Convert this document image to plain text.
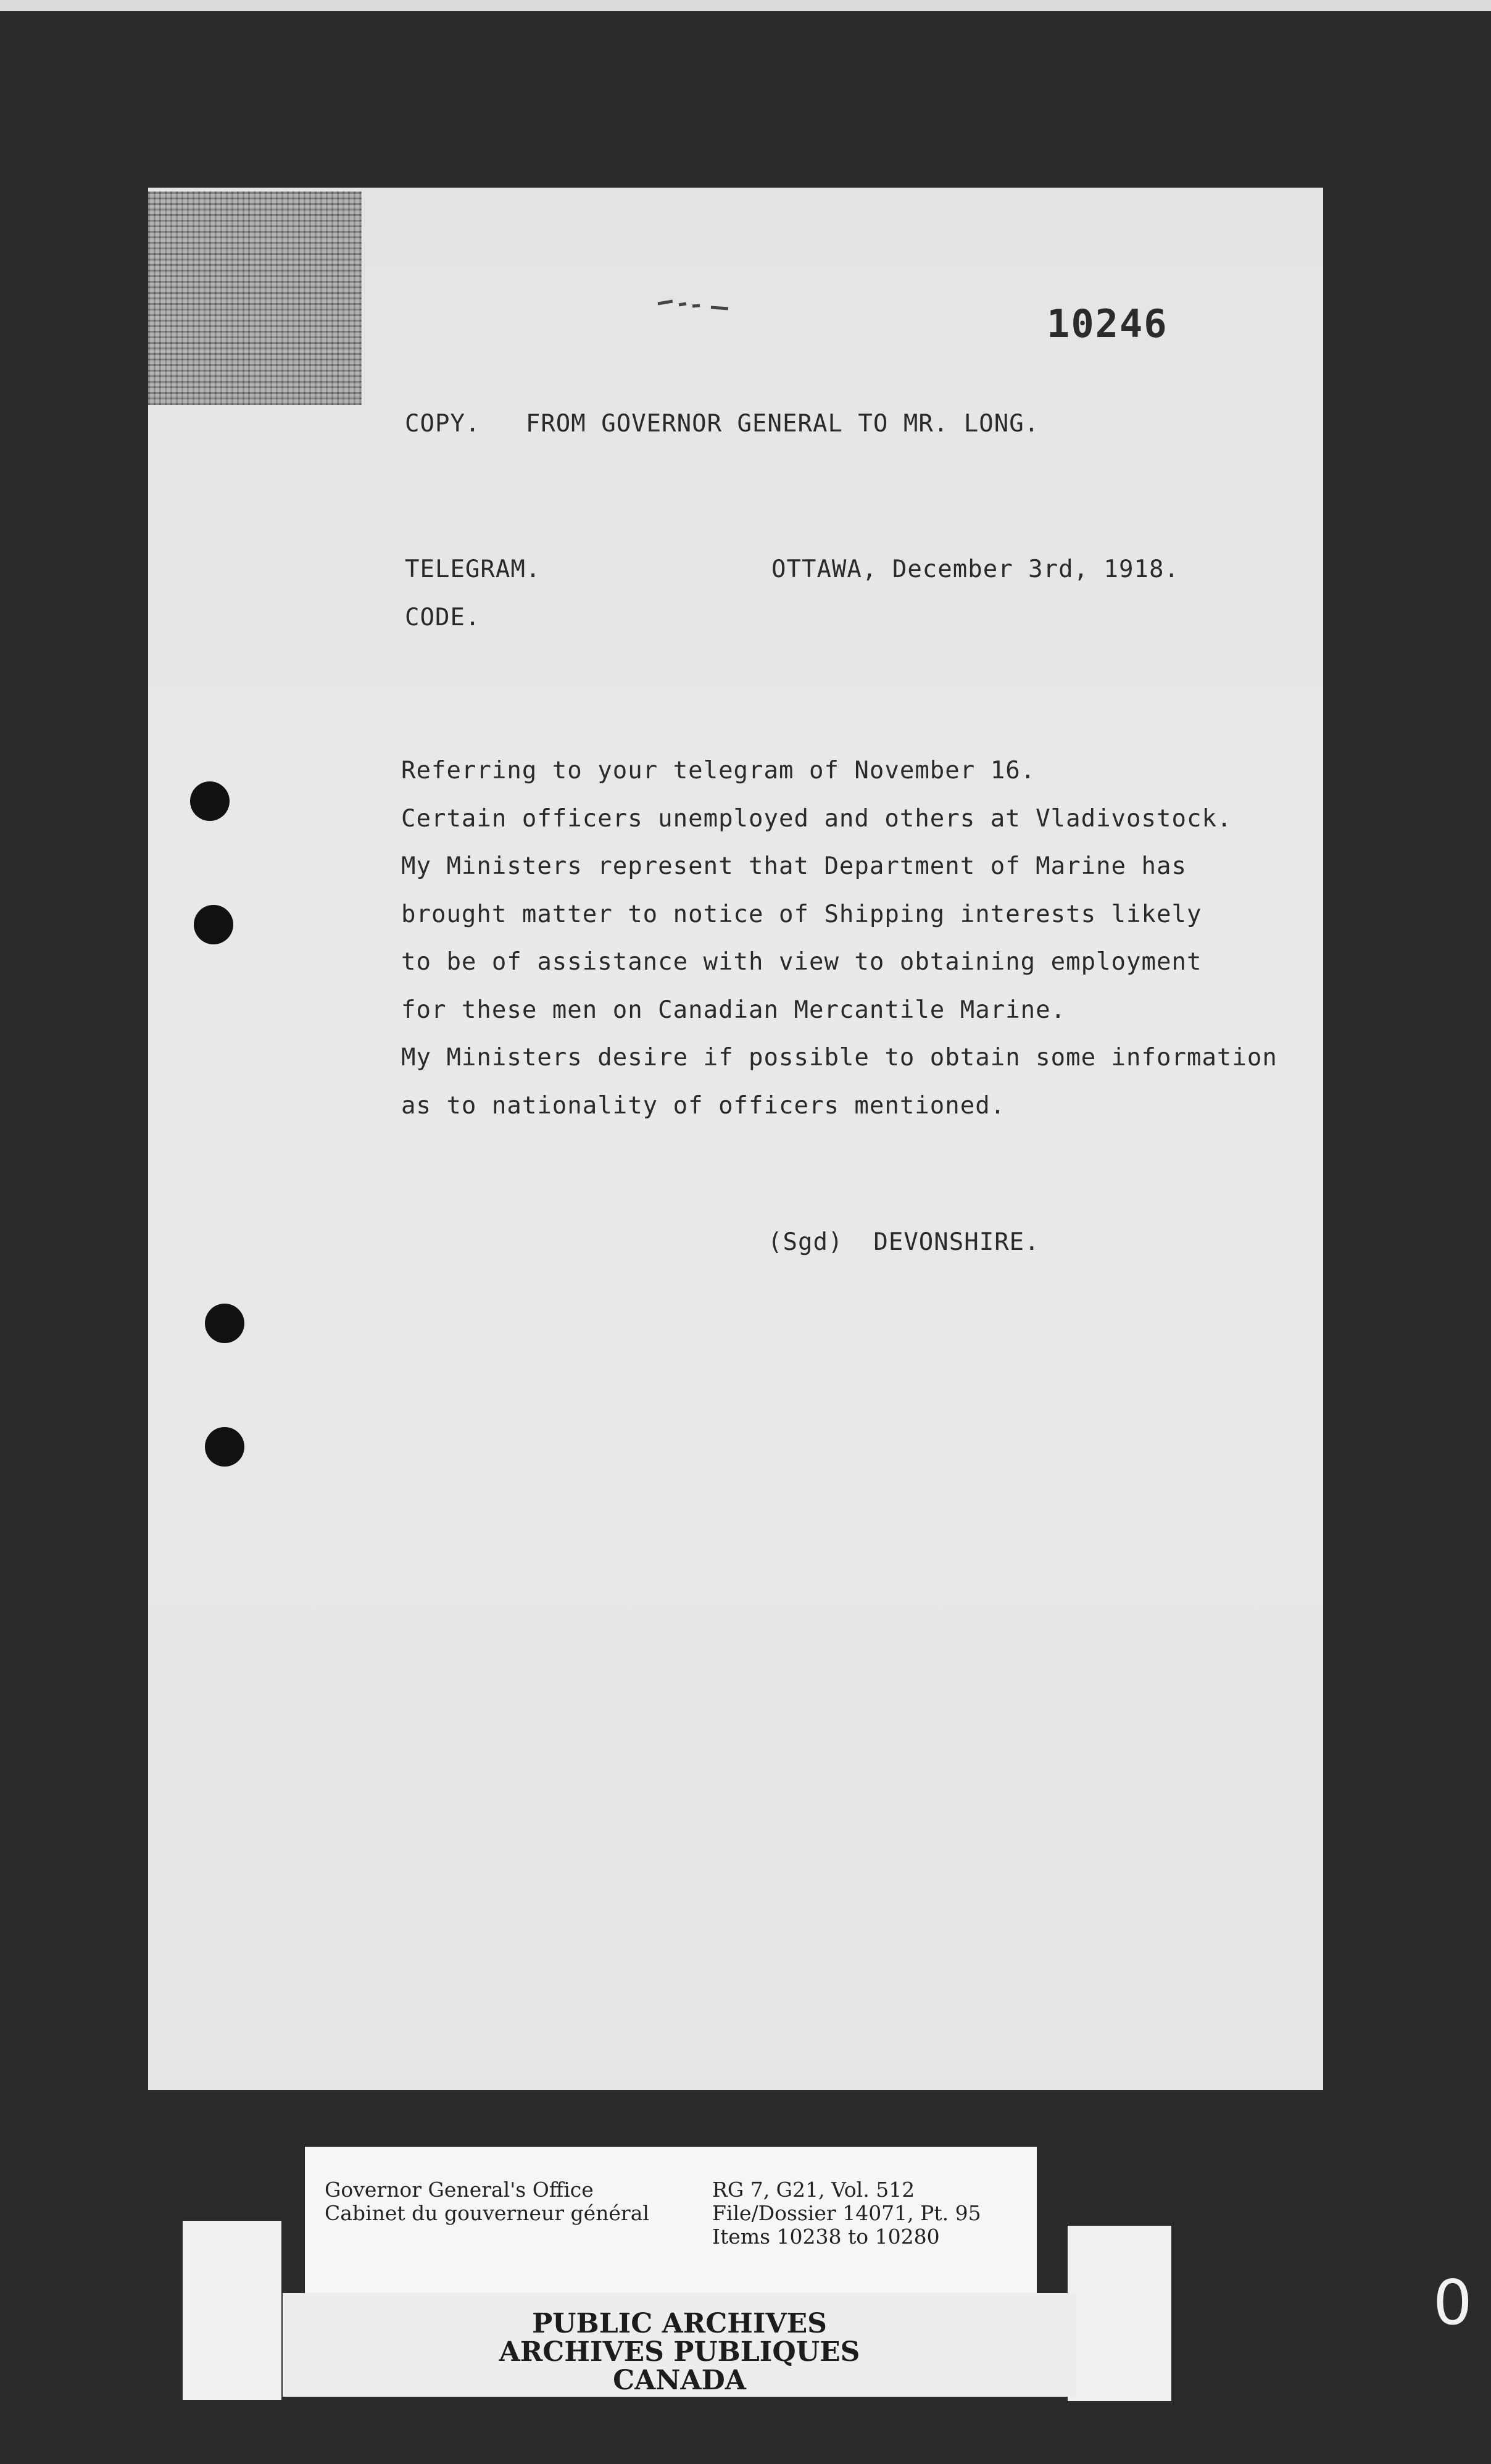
10246
COPY.   FROM GOVERNOR GENERAL TO MR. LONG.
TELEGRAM.	OTTAWA, December 3rd, 1918.
CODE.
Referring to your telegram of November 16.
Certain officers unemployed and others at Vladivostock.
My Ministers represent that Department of Marine has
brought matter to notice of Shipping interests likely
to be of assistance with view to obtaining employment
for these men on Canadian Mercantile Marine.
My Ministers desire if possible to obtain some information
as to nationality of officers mentioned.
(Sgd)  DEVONSHIRE.
Governor General's Office
Cabinet du gouverneur général
RG 7, G21, Vol. 512
File/Dossier 14071, Pt. 95
Items 10238 to 10280
PUBLIC ARCHIVES
ARCHIVES PUBLIQUES
CANADA
0
